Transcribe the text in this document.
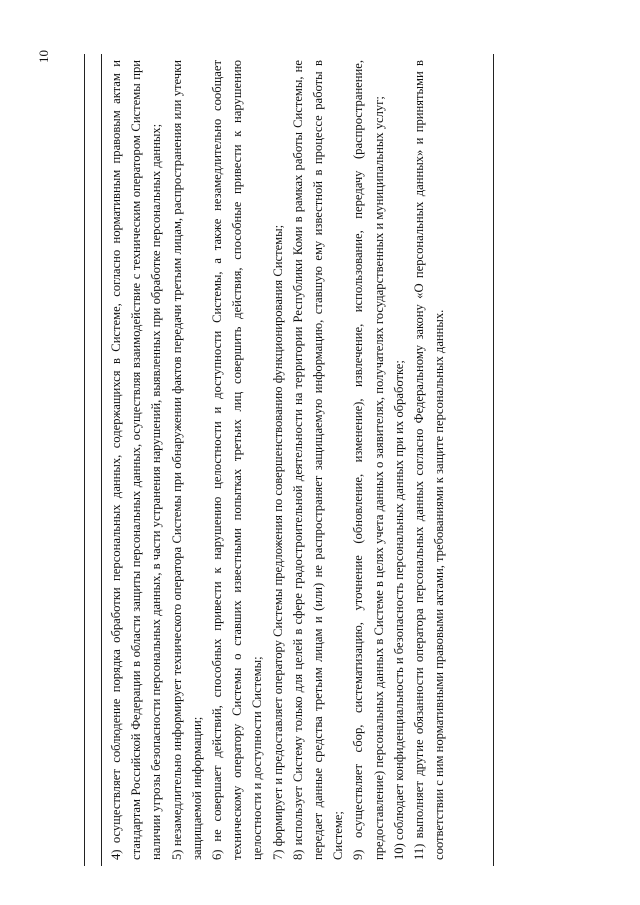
10

4) осуществляет соблюдение порядка обработки персональных данных, содержащихся в Системе, согласно нормативным правовым актам и стандартам Российской Федерации в области защиты персональных данных, осуществляя взаимодействие с техническим оператором Системы при наличии угрозы безопасности персональных данных, в части устранения нарушений, выявленных при обработке персональных данных; 5) незамедлительно информирует технического оператора Системы при обнаружении фактов передачи третьим лицам, распространения или утечки защищаемой информации; 6) не совершает действий, способных привести к нарушению целостности и доступности Системы, а также незамедлительно сообщает техническому оператору Системы о ставших известными попытках третьих лиц совершить действия, способные привести к нарушению целостности и доступности Системы; 7) формирует и предоставляет оператору Системы предложения по совершенствованию функционирования Системы; 8) использует Систему только для целей в сфере градостроительной деятельности на территории Республики Коми в рамках работы Системы, не передает данные средства третьим лицам и (или) не распространяет защищаемую информацию, ставшую ему известной в процессе работы в Системе; 9) осуществляет сбор, систематизацию, уточнение (обновление, изменение), извлечение, использование, передачу (распространение, предоставление) персональных данных в Системе в целях учета данных о заявителях, получателях государственных и муниципальных услуг; 10) соблюдает конфиденциальность и безопасность персональных данных при их обработке; 11) выполняет другие обязанности оператора персональных данных согласно Федеральному закону «О персональных данных» и принятыми в соответствии с ним нормативными правовыми актами, требованиями к защите персональных данных.
